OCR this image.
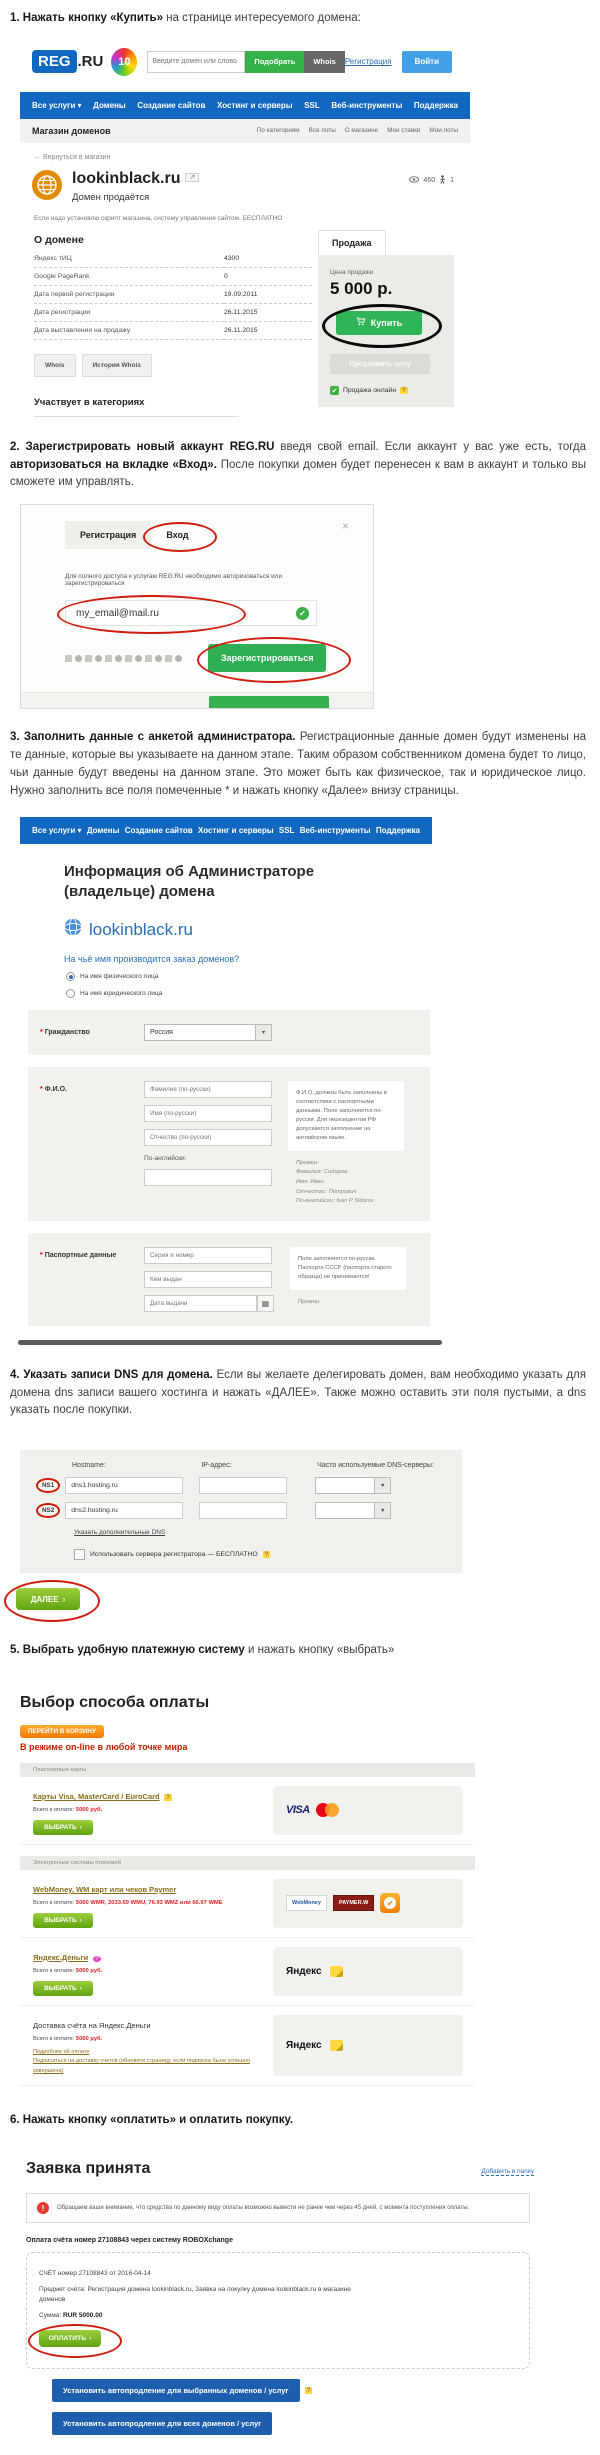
1. Нажать кнопку «Купить» на странице интересуемого домена:
REG .RU 10
Введите домен или слово	Подобрать	Whois	Регистрация	Войти
Все услуги ▾ Домены Создание сайтов Хостинг и серверы SSL Веб-инструменты Поддержка
Магазин доменов	По категориям Все лоты О магазине Мои ставки Мои лоты
← Вернуться в магазин
lookinblack.ru ↗
Домен продаётся
460 1
Если надо установлю скрипт магазина, систему управления сайтом. БЕСПЛАТНО
О домене
Яндекс тИЦ	4300
Google PageRank	0
Дата первой регистрации	19.09.2011
Дата регистрации	26.11.2015
Дата выставления на продажу	26.11.2015
Whois	История Whois
Участвует в категориях
Продажа
Цена продажи
5 000 р.
Купить
Предложить цену
✔ Продажа онлайн ?
2. Зарегистрировать новый аккаунт REG.RU введя свой email. Если аккаунт у вас уже есть, тогда авторизоваться на вкладке «Вход». После покупки домен будет перенесен к вам в аккаунт и только вы сможете им управлять.
×
Регистрация	Вход
Для полного доступа к услугам REG.RU необходимо авторизоваться или зарегистрироваться
my_email@mail.ru
✔
Зарегистрироваться
3. Заполнить данные с анкетой администратора. Регистрационные данные домен будут изменены на те данные, которые вы указываете на данном этапе. Таким образом собственником домена будет то лицо, чьи данные будут введены на данном этапе. Это может быть как физическое, так и юридическое лицо. Нужно заполнить все поля помеченные * и нажать кнопку «Далее» внизу страницы.
Все услуги ▾ Домены Создание сайтов Хостинг и серверы SSL Веб-инструменты Поддержка
Информация об Администраторе (владельце) домена
lookinblack.ru
На чьё имя производится заказ доменов?
На имя физического лица
На имя юридического лица
* Гражданство	Россия	▼
* Ф.И.О.
Фамилия (по-русски)
Имя (по-русски)
Отчество (по-русски)
По-английски:
Ф.И.О. должны быть заполнены в соответствии с паспортными данными. Поле заполняется по-русски. Для нерезидентов РФ допускается заполнение на английском языке.
Пример:
Фамилия: Сидоров
Имя: Иван
Отчество: Петрович
По-английски: Ivan P Sidorov
* Паспортные данные
Серия и номер
Кем выдан
Дата выдачи
▦
Поле заполняется по-русски. Паспорта СССР (паспорта старого образца) не принимаются!
Пример:
4. Указать записи DNS для домена. Если вы желаете делегировать домен, вам необходимо указать для домена dns записи вашего хостинга и нажать «ДАЛЕЕ». Также можно оставить эти поля пустыми, а dns указать после покупки.
Hostname:	IP-адрес:	Часто используемые DNS-серверы:
NS1
dns1.hosting.ru	▼
NS2
dns2.hosting.ru	▼
Указать дополнительные DNS
Использовать сервера регистратора — БЕСПЛАТНО	?
ДАЛЕЕ ›
5. Выбрать удобную платежную систему и нажать кнопку «выбрать»
Выбор способа оплаты
ПЕРЕЙТИ В КОРЗИНУ
В режиме on-line в любой точке мира
Пластиковые карты
Карты Visa, MasterCard / EuroCard ?
Всего к оплате: 5000 руб.
ВЫБРАТЬ ›
VISA
Электронные системы платежей
WebMoney, WM карт или чеков Paymer
Всего к оплате: 5000 WMR, 2033.59 WMU, 76.93 WMZ или 66.97 WME
ВЫБРАТЬ ›
WebMoney	PAYMER.W	✔
Яндекс.Деньги ?
Всего к оплате: 5000 руб.
ВЫБРАТЬ ›
Яндекс
Доставка счёта на Яндекс.Деньги
Всего к оплате: 5000 руб.
Подробнее об оплате
Подписаться на доставку счетов (обновите страницу, если подписка была успешно завершена)
Яндекс
6. Нажать кнопку «оплатить» и оплатить покупку.
Заявка принята	Добавить в папку
!	Обращаем ваше внимание, что средства по данному виду оплаты возможно вывести не ранее чем через 45 дней, с момента поступления оплаты.
Оплата счёта номер 27108843 через систему ROBOXchange
СЧЁТ номер 27108843 от 2016-04-14
Предмет счёта: Регистрация домена lookinblack.ru, Заявка на покупку домена lookinblack.ru в магазине доменов
Сумма: RUR 5000.00
ОПЛАТИТЬ ›
Установить автопродление для выбранных доменов / услуг	?
Установить автопродление для всех доменов / услуг
